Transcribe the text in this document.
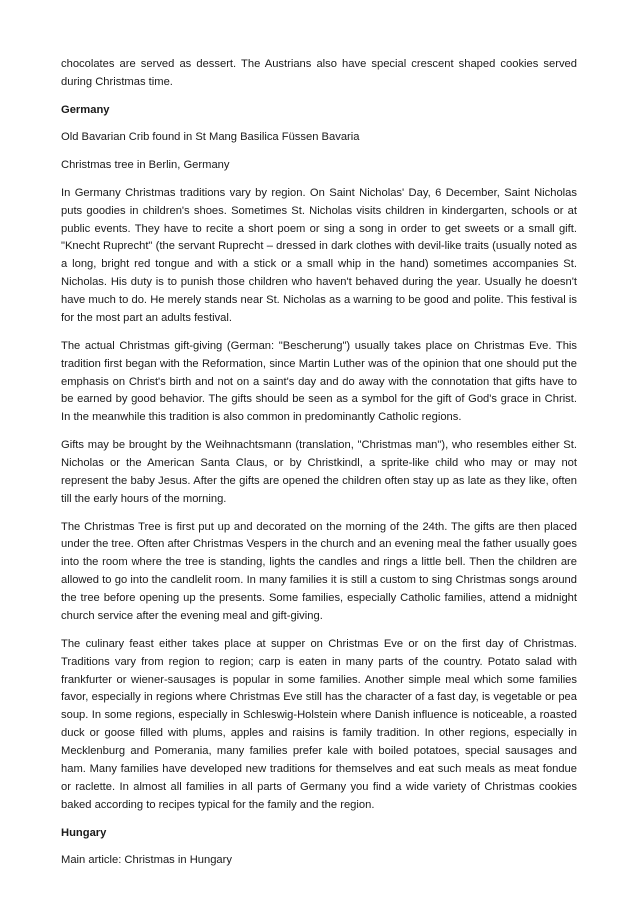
chocolates are served as dessert. The Austrians also have special crescent shaped cookies served during Christmas time.

Germany

Old Bavarian Crib found in St Mang Basilica Füssen Bavaria

Christmas tree in Berlin, Germany

In Germany Christmas traditions vary by region. On Saint Nicholas' Day, 6 December, Saint Nicholas puts goodies in children's shoes. Sometimes St. Nicholas visits children in kindergarten, schools or at public events. They have to recite a short poem or sing a song in order to get sweets or a small gift. "Knecht Ruprecht" (the servant Ruprecht – dressed in dark clothes with devil-like traits (usually noted as a long, bright red tongue and with a stick or a small whip in the hand) sometimes accompanies St. Nicholas. His duty is to punish those children who haven't behaved during the year. Usually he doesn't have much to do. He merely stands near St. Nicholas as a warning to be good and polite. This festival is for the most part an adults festival.

The actual Christmas gift-giving (German: "Bescherung") usually takes place on Christmas Eve. This tradition first began with the Reformation, since Martin Luther was of the opinion that one should put the emphasis on Christ's birth and not on a saint's day and do away with the connotation that gifts have to be earned by good behavior. The gifts should be seen as a symbol for the gift of God's grace in Christ. In the meanwhile this tradition is also common in predominantly Catholic regions.

Gifts may be brought by the Weihnachtsmann (translation, "Christmas man"), who resembles either St. Nicholas or the American Santa Claus, or by Christkindl, a sprite-like child who may or may not represent the baby Jesus. After the gifts are opened the children often stay up as late as they like, often till the early hours of the morning.

The Christmas Tree is first put up and decorated on the morning of the 24th. The gifts are then placed under the tree. Often after Christmas Vespers in the church and an evening meal the father usually goes into the room where the tree is standing, lights the candles and rings a little bell. Then the children are allowed to go into the candlelit room. In many families it is still a custom to sing Christmas songs around the tree before opening up the presents. Some families, especially Catholic families, attend a midnight church service after the evening meal and gift-giving.

The culinary feast either takes place at supper on Christmas Eve or on the first day of Christmas. Traditions vary from region to region; carp is eaten in many parts of the country. Potato salad with frankfurter or wiener-sausages is popular in some families. Another simple meal which some families favor, especially in regions where Christmas Eve still has the character of a fast day, is vegetable or pea soup. In some regions, especially in Schleswig-Holstein where Danish influence is noticeable, a roasted duck or goose filled with plums, apples and raisins is family tradition. In other regions, especially in Mecklenburg and Pomerania, many families prefer kale with boiled potatoes, special sausages and ham. Many families have developed new traditions for themselves and eat such meals as meat fondue or raclette. In almost all families in all parts of Germany you find a wide variety of Christmas cookies baked according to recipes typical for the family and the region.

Hungary

Main article: Christmas in Hungary
